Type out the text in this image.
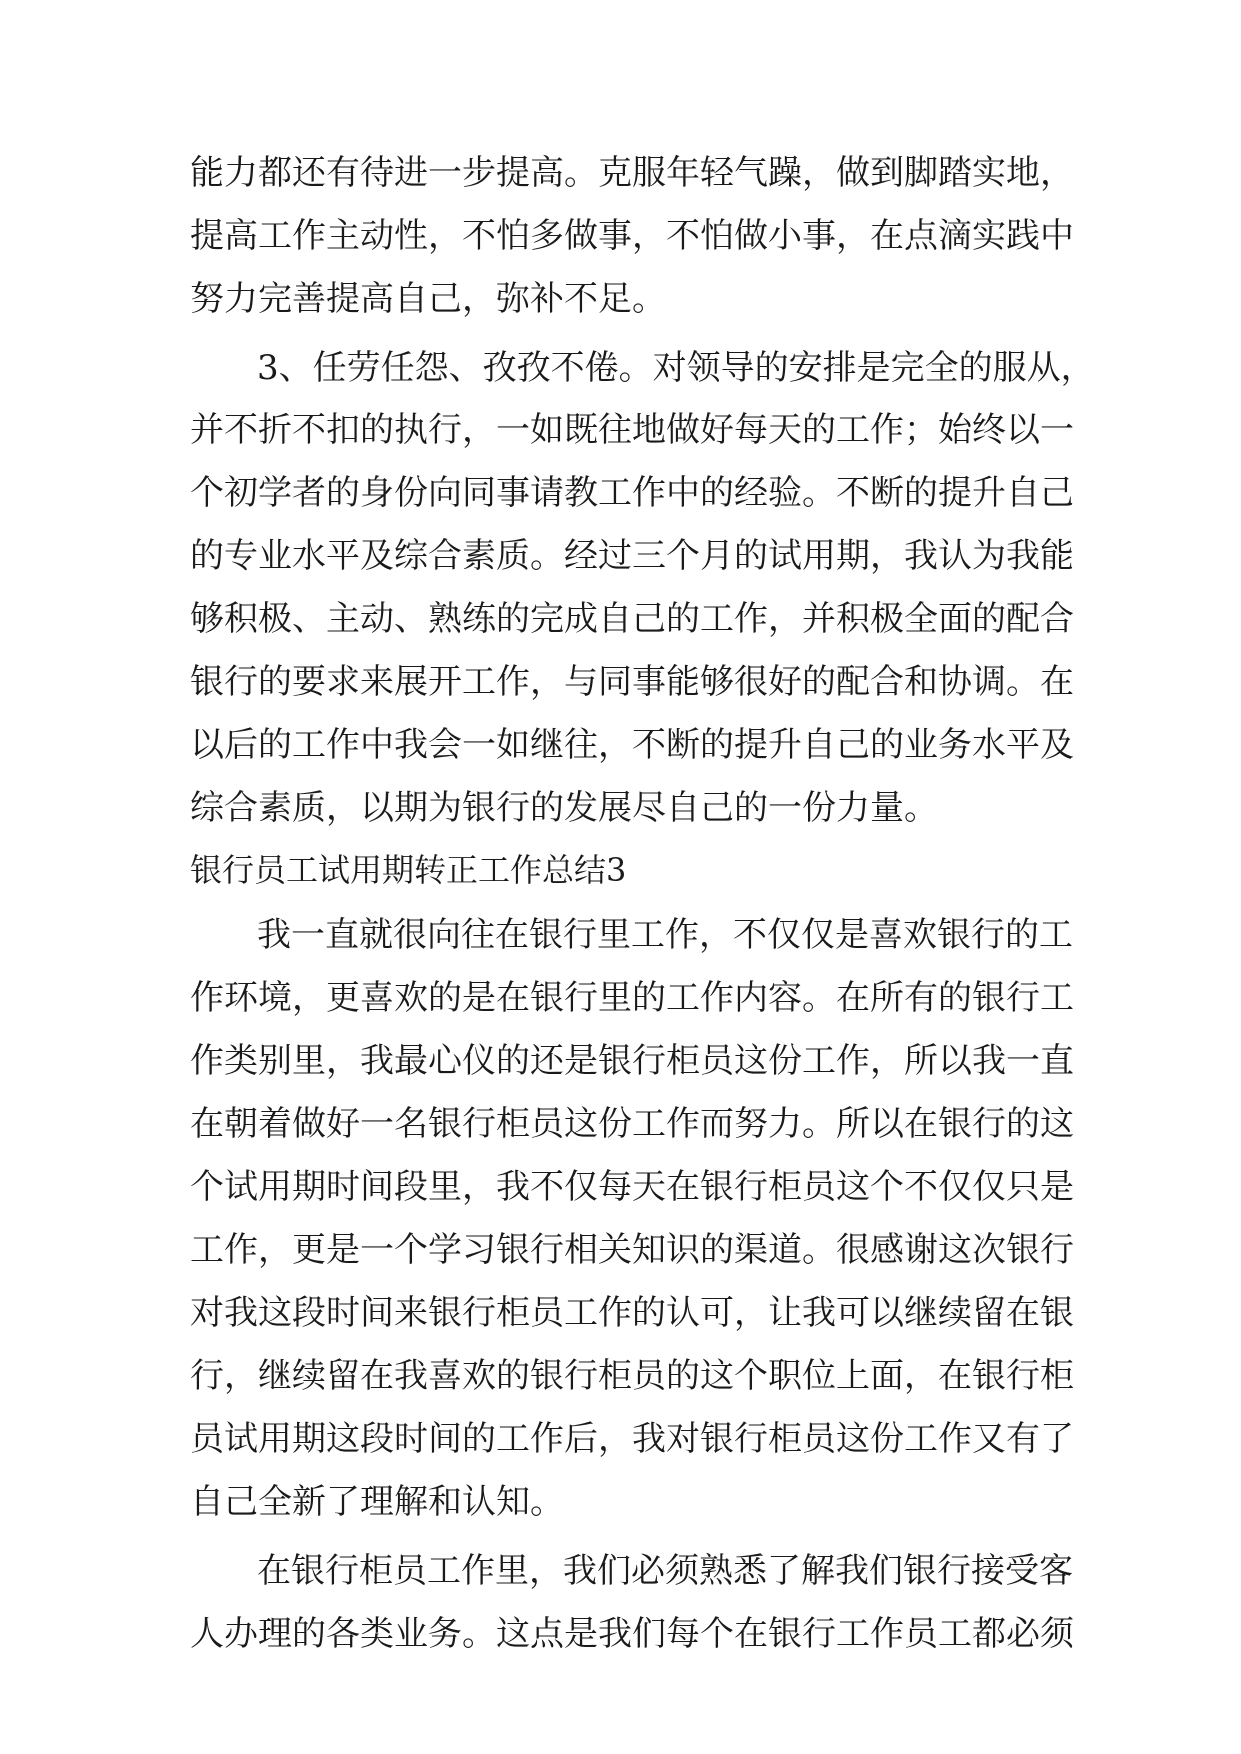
能力都还有待进一步提高。克服年轻气躁，做到脚踏实地，
提高工作主动性，不怕多做事，不怕做小事，在点滴实践中
努力完善提高自己，弥补不足。
3、任劳任怨、孜孜不倦。对领导的安排是完全的服从，
并不折不扣的执行，一如既往地做好每天的工作；始终以一
个初学者的身份向同事请教工作中的经验。不断的提升自己
的专业水平及综合素质。经过三个月的试用期，我认为我能
够积极、主动、熟练的完成自己的工作，并积极全面的配合
银行的要求来展开工作，与同事能够很好的配合和协调。在
以后的工作中我会一如继往，不断的提升自己的业务水平及
综合素质，以期为银行的发展尽自己的一份力量。
银行员工试用期转正工作总结3
我一直就很向往在银行里工作，不仅仅是喜欢银行的工
作环境，更喜欢的是在银行里的工作内容。在所有的银行工
作类别里，我最心仪的还是银行柜员这份工作，所以我一直
在朝着做好一名银行柜员这份工作而努力。所以在银行的这
个试用期时间段里，我不仅每天在银行柜员这个不仅仅只是
工作，更是一个学习银行相关知识的渠道。很感谢这次银行
对我这段时间来银行柜员工作的认可，让我可以继续留在银
行，继续留在我喜欢的银行柜员的这个职位上面，在银行柜
员试用期这段时间的工作后，我对银行柜员这份工作又有了
自己全新了理解和认知。
在银行柜员工作里，我们必须熟悉了解我们银行接受客
人办理的各类业务。这点是我们每个在银行工作员工都必须
